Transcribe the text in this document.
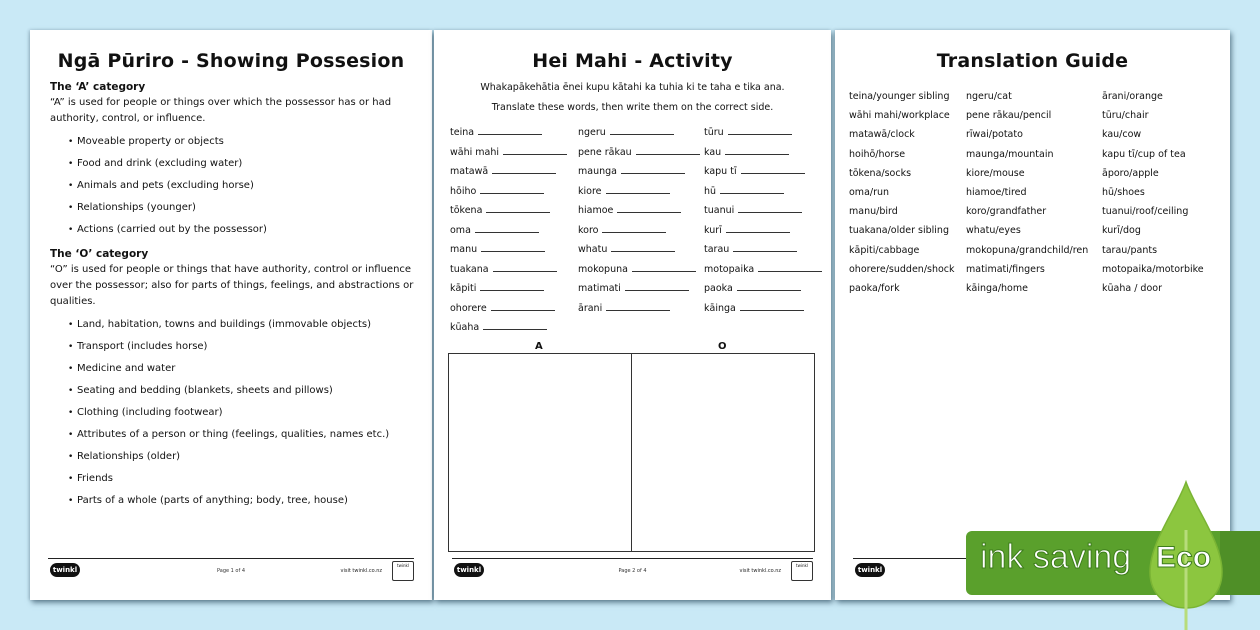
Ngā Pūriro - Showing Possesion

The ‘A’ category

“A” is used for people or things over which the possessor has or had authority, control, or influence.

• Moveable property or objects
• Food and drink (excluding water)
• Animals and pets (excluding horse)
• Relationships (younger)
• Actions (carried out by the possessor)

The ‘O’ category

“O” is used for people or things that have authority, control or influence over the possessor; also for parts of things, feelings, and abstractions or qualities.

• Land, habitation, towns and buildings (immovable objects)
• Transport (includes horse)
• Medicine and water
• Seating and bedding (blankets, sheets and pillows)
• Clothing (including footwear)
• Attributes of a person or thing (feelings, qualities, names etc.)
• Relationships (older)
• Friends
• Parts of a whole (parts of anything; body, tree, house)
twinkl	Page 1 of 4	visit twinkl.co.nz
twinkl
Hei Mahi - Activity
Whakapākehātia ēnei kupu kātahi ka tuhia ki te taha e tika ana.
Translate these words, then write them on the correct side.
teina	ngeru	tūru
wāhi mahi	pene rākau	kau
matawā	maunga	kapu tī
hōiho	kiore	hū
tōkena	hiamoe	tuanui
oma	koro	kurī
manu	whatu	tarau
tuakana	mokopuna	motopaika
kāpiti	matimati	paoka
ohorere	ārani	kāinga
kūaha
A	O
twinkl	Page 2 of 4	visit twinkl.co.nz
twinkl
Translation Guide
teina/younger sibling	ngeru/cat	ārani/orange
wāhi mahi/workplace	pene rākau/pencil	tūru/chair
matawā/clock	rīwai/potato	kau/cow
hoihō/horse	maunga/mountain	kapu tī/cup of tea
tōkena/socks	kiore/mouse	āporo/apple
oma/run	hiamoe/tired	hū/shoes
manu/bird	koro/grandfather	tuanui/roof/ceiling
tuakana/older sibling	whatu/eyes	kurī/dog
kāpiti/cabbage	mokopuna/grandchild/ren	tarau/pants
ohorere/sudden/shock	matimati/fingers	motopaika/motorbike
paoka/fork	kāinga/home	kūaha / door
twinkl	ink saving Eco
